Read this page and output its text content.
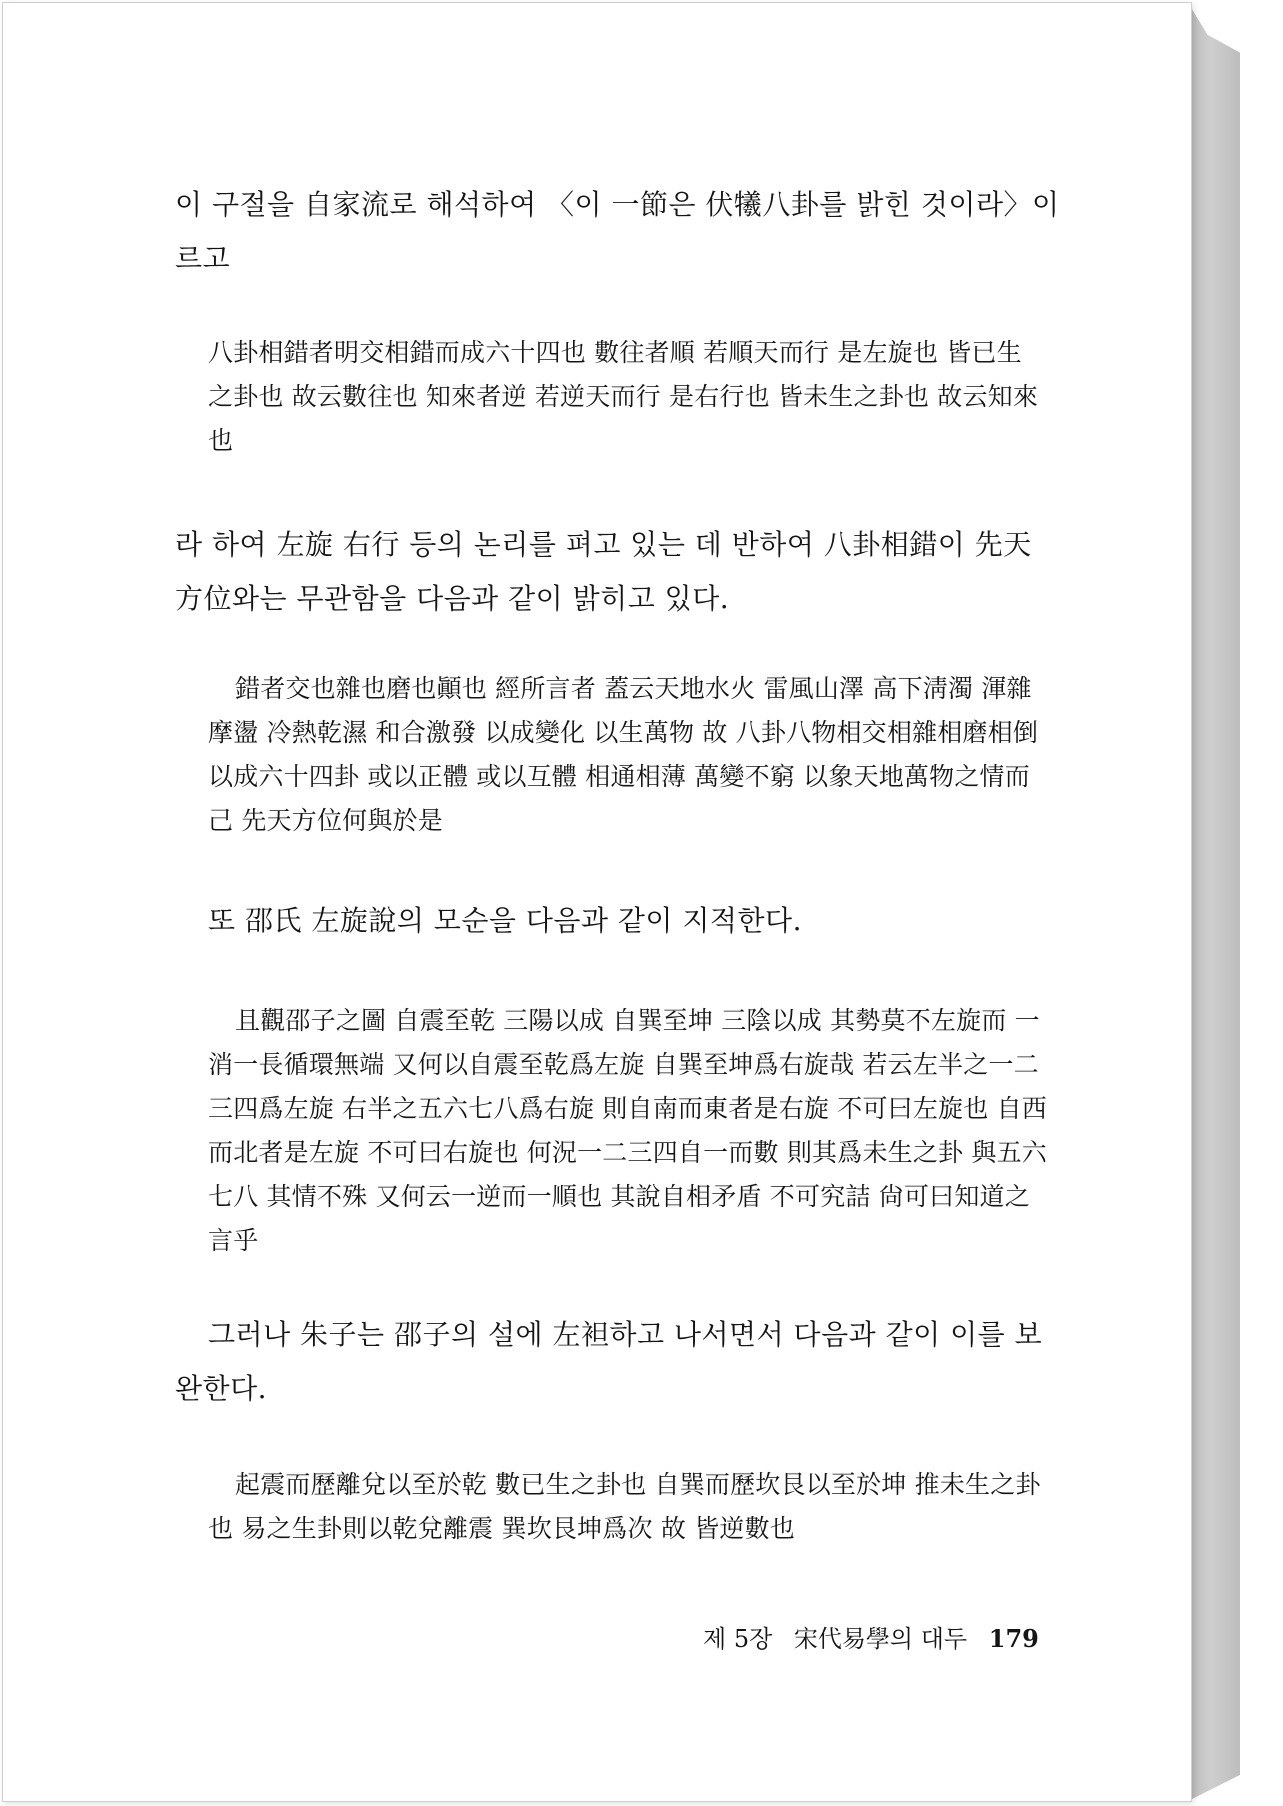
이 구절을 自家流로 해석하여 〈이 一節은 伏犧八卦를 밝힌 것이라〉이
르고
八卦相錯者明交相錯而成六十四也 數往者順 若順天而行 是左旋也 皆已生
之卦也 故云數往也 知來者逆 若逆天而行 是右行也 皆未生之卦也 故云知來
也
라 하여 左旋 右行 등의 논리를 펴고 있는 데 반하여 八卦相錯이 先天
方位와는 무관함을 다음과 같이 밝히고 있다.
錯者交也雜也磨也顚也 經所言者 蓋云天地水火 雷風山澤 高下淸濁 渾雜
摩盪 冷熱乾濕 和合激發 以成變化 以生萬物 故 八卦八物相交相雜相磨相倒
以成六十四卦 或以正體 或以互體 相通相薄 萬變不窮 以象天地萬物之情而
己 先天方位何與於是
또 邵氏 左旋說의 모순을 다음과 같이 지적한다.
且觀邵子之圖 自震至乾 三陽以成 自巽至坤 三陰以成 其勢莫不左旋而 一
消一長循環無端 又何以自震至乾爲左旋 自巽至坤爲右旋哉 若云左半之一二
三四爲左旋 右半之五六七八爲右旋 則自南而東者是右旋 不可曰左旋也 自西
而北者是左旋 不可曰右旋也 何況一二三四自一而數 則其爲未生之卦 與五六
七八 其情不殊 又何云一逆而一順也 其說自相矛盾 不可究詰 尙可曰知道之
言乎
그러나 朱子는 邵子의 설에 左袒하고 나서면서 다음과 같이 이를 보
완한다.
起震而歷離兌以至於乾 數已生之卦也 自巽而歷坎艮以至於坤 推未生之卦
也 易之生卦則以乾兌離震 巽坎艮坤爲次 故 皆逆數也
제 5장 宋代易學의 대두 179
